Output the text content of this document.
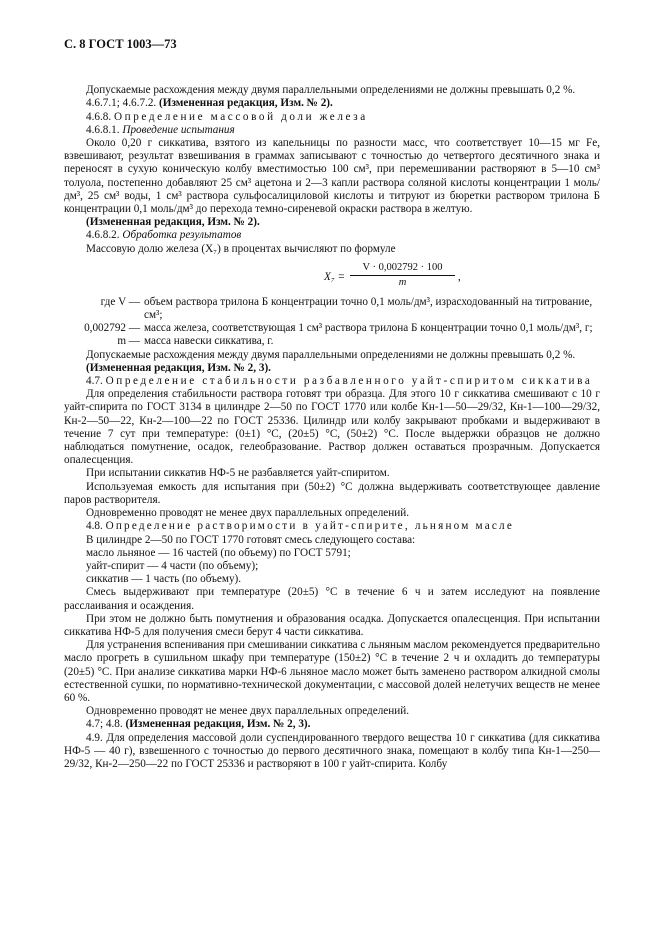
С. 8 ГОСТ 1003—73

Допускаемые расхождения между двумя параллельными определениями не должны превышать 0,2 %.

4.6.7.1; 4.6.7.2. (Измененная редакция, Изм. № 2).

4.6.8. Определение массовой доли железа

4.6.8.1. Проведение испытания

Около 0,20 г сиккатива, взятого из капельницы по разности масс, что соответствует 10—15 мг Fe, взвешивают, результат взвешивания в граммах записывают с точностью до четвертого десятичного знака и переносят в сухую коническую колбу вместимостью 100 см³, при перемешивании растворяют в 5—10 см³ толуола, постепенно добавляют 25 см³ ацетона и 2—3 капли раствора соляной кислоты концентрации 1 моль/дм³, 25 см³ воды, 1 см³ раствора сульфосалициловой кислоты и титруют из бюретки раствором трилона Б концентрации 0,1 моль/дм³ до перехода темно-сиреневой окраски раствора в желтую.

(Измененная редакция, Изм. № 2).

4.6.8.2. Обработка результатов

Массовую долю железа (X₇) в процентах вычисляют по формуле

$X_7 = \frac{V \cdot 0,002792 \cdot 100}{m}$ ,
где V — объем раствора трилона Б концентрации точно 0,1 моль/дм³, израсходованный на титрование, см³;
0,002792 — масса железа, соответствующая 1 см³ раствора трилона Б концентрации точно 0,1 моль/дм³, г;
m — масса навески сиккатива, г.

Допускаемые расхождения между двумя параллельными определениями не должны превышать 0,2 %.

(Измененная редакция, Изм. № 2, 3).

4.7. Определение стабильности разбавленного уайт-спиритом сиккатива

Для определения стабильности раствора готовят три образца. Для этого 10 г сиккатива смешивают с 10 г уайт-спирита по ГОСТ 3134 в цилиндре 2—50 по ГОСТ 1770 или колбе Кн-1—50—29/32, Кн-1—100—29/32, Кн-2—50—22, Кн-2—100—22 по ГОСТ 25336. Цилиндр или колбу закрывают пробками и выдерживают в течение 7 сут при температуре: (0±1) °С, (20±5) °С, (50±2) °С. После выдержки образцов не должно наблюдаться помутнение, осадок, гелеобразование. Раствор должен оставаться прозрачным. Допускается опалесценция.

При испытании сиккатив НФ-5 не разбавляется уайт-спиритом.

Используемая емкость для испытания при (50±2) °С должна выдерживать соответствующее давление паров растворителя.

Одновременно проводят не менее двух параллельных определений.

4.8. Определение растворимости в уайт-спирите, льняном масле

В цилиндре 2—50 по ГОСТ 1770 готовят смесь следующего состава:

масло льняное — 16 частей (по объему) по ГОСТ 5791;

уайт-спирит — 4 части (по объему);

сиккатив — 1 часть (по объему).

Смесь выдерживают при температуре (20±5) °С в течение 6 ч и затем исследуют на появление расслаивания и осаждения.

При этом не должно быть помутнения и образования осадка. Допускается опалесценция. При испытании сиккатива НФ-5 для получения смеси берут 4 части сиккатива.

Для устранения вспенивания при смешивании сиккатива с льняным маслом рекомендуется предварительно масло прогреть в сушильном шкафу при температуре (150±2) °С в течение 2 ч и охладить до температуры (20±5) °С. При анализе сиккатива марки НФ-6 льняное масло может быть заменено раствором алкидной смолы естественной сушки, по нормативно-технической документации, с массовой долей нелетучих веществ не менее 60 %.

Одновременно проводят не менее двух параллельных определений.

4.7; 4.8. (Измененная редакция, Изм. № 2, 3).

4.9. Для определения массовой доли суспендированного твердого вещества 10 г сиккатива (для сиккатива НФ-5 — 40 г), взвешенного с точностью до первого десятичного знака, помещают в колбу типа Кн-1—250—29/32, Кн-2—250—22 по ГОСТ 25336 и растворяют в 100 г уайт-спирита. Колбу
